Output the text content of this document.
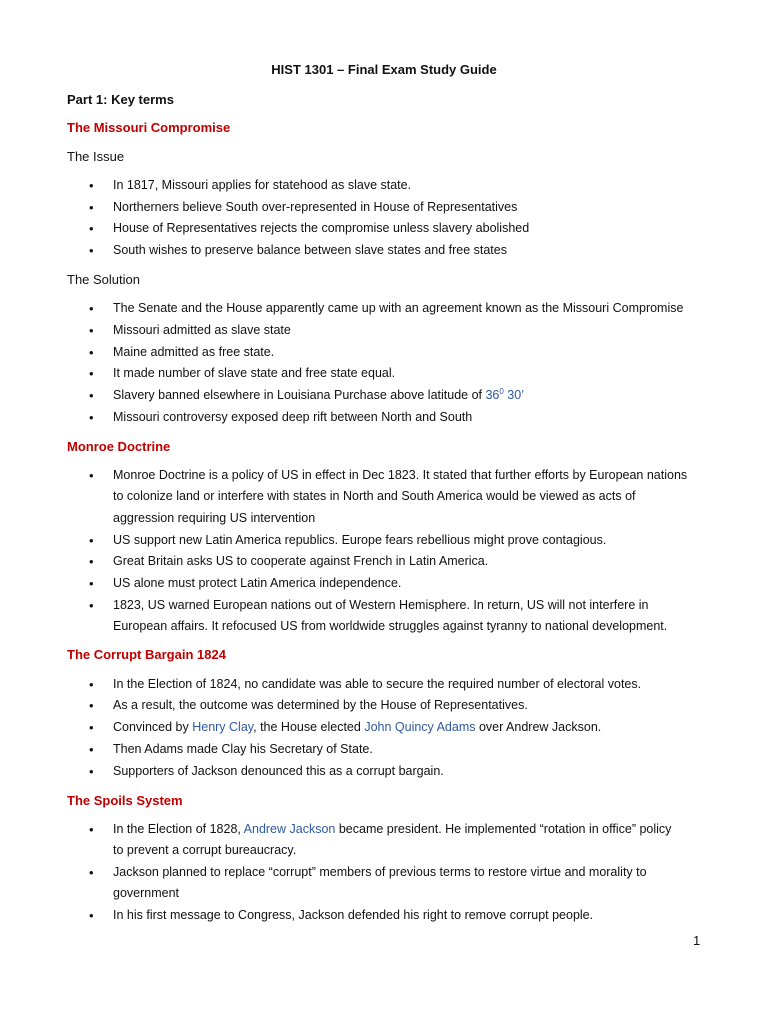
HIST 1301 – Final Exam Study Guide
Part 1: Key terms
The Missouri Compromise
The Issue
• In 1817, Missouri applies for statehood as slave state.
• Northerners believe South over-represented in House of Representatives
• House of Representatives rejects the compromise unless slavery abolished
• South wishes to preserve balance between slave states and free states
The Solution
• The Senate and the House apparently came up with an agreement known as the Missouri Compromise
• Missouri admitted as slave state
• Maine admitted as free state.
• It made number of slave state and free state equal.
• Slavery banned elsewhere in Louisiana Purchase above latitude of $36^0$ 30’
• Missouri controversy exposed deep rift between North and South
Monroe Doctrine
• Monroe Doctrine is a policy of US in effect in Dec 1823. It stated that further efforts by European nations
to colonize land or interfere with states in North and South America would be viewed as acts of
aggression requiring US intervention
• US support new Latin America republics. Europe fears rebellious might prove contagious.
• Great Britain asks US to cooperate against French in Latin America.
• US alone must protect Latin America independence.
• 1823, US warned European nations out of Western Hemisphere. In return, US will not interfere in
European affairs. It refocused US from worldwide struggles against tyranny to national development.
The Corrupt Bargain 1824
• In the Election of 1824, no candidate was able to secure the required number of electoral votes.
• As a result, the outcome was determined by the House of Representatives.
• Convinced by Henry Clay, the House elected John Quincy Adams over Andrew Jackson.
• Then Adams made Clay his Secretary of State.
• Supporters of Jackson denounced this as a corrupt bargain.
The Spoils System
• In the Election of 1828, Andrew Jackson became president. He implemented “rotation in office” policy
to prevent a corrupt bureaucracy.
• Jackson planned to replace “corrupt” members of previous terms to restore virtue and morality to
government
• In his first message to Congress, Jackson defended his right to remove corrupt people.
1
